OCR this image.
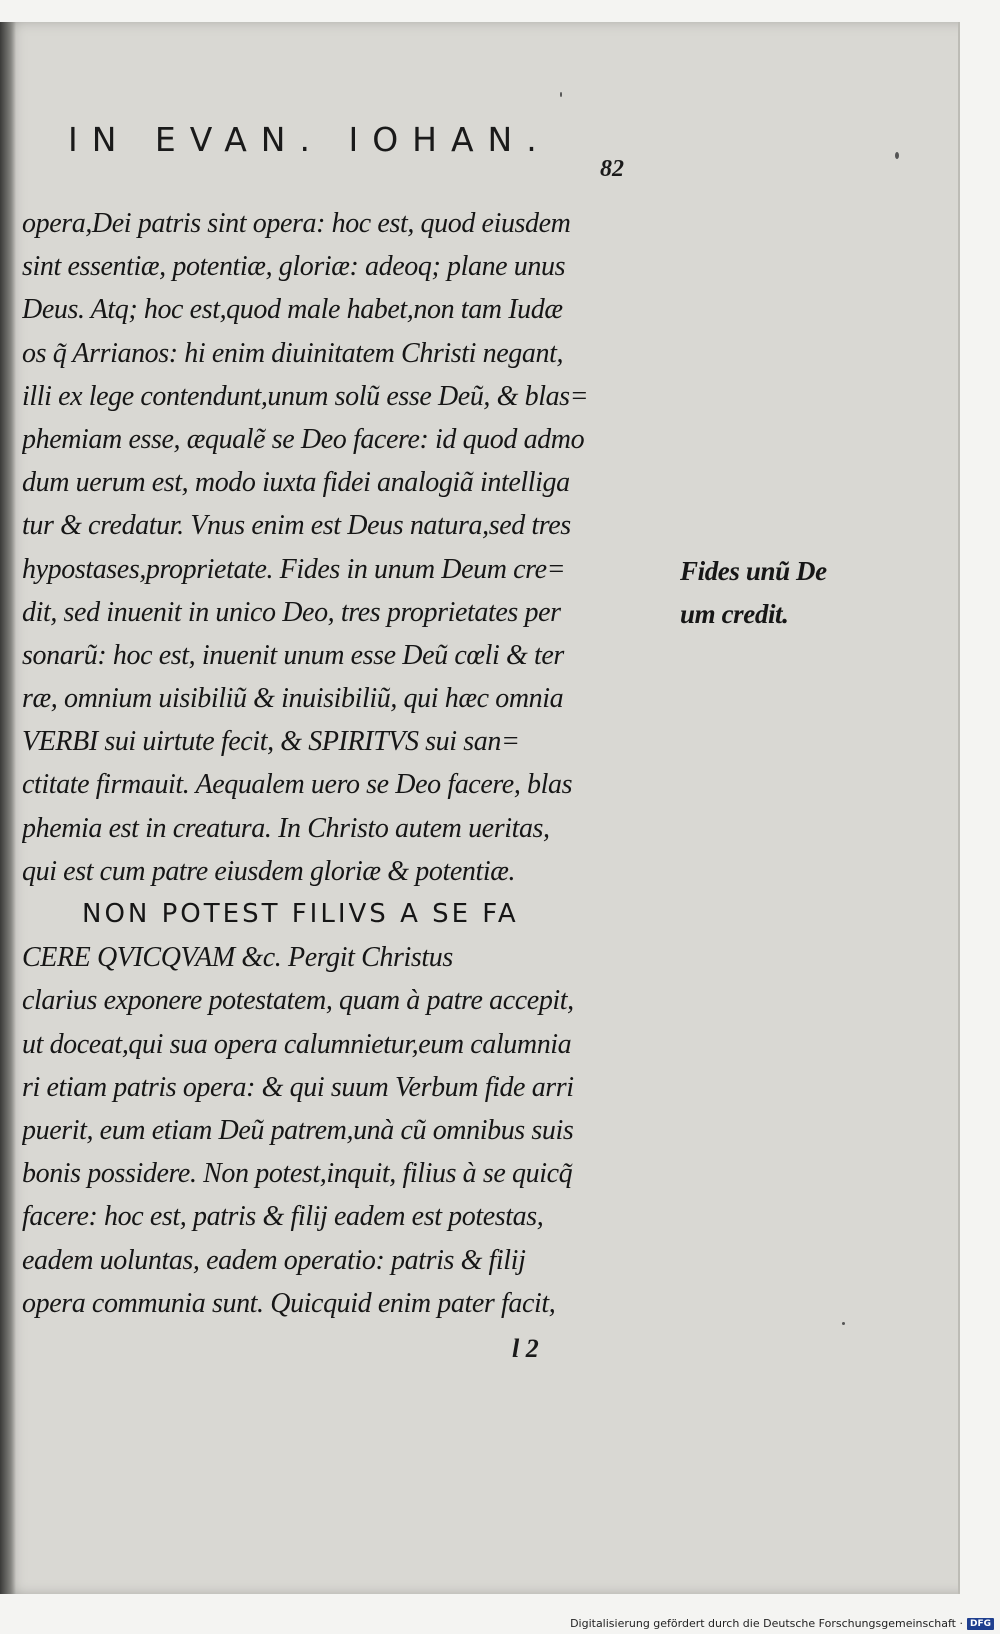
IN EVAN. IOHAN.
82
opera,Dei patris sint opera: hoc est, quod eiusdem
sint essentiæ, potentiæ, gloriæ: adeoq; plane unus
Deus. Atq; hoc est,quod male habet,non tam Iudæ
os q̃ Arrianos: hi enim diuinitatem Christi negant,
illi ex lege contendunt,unum solũ esse Deũ, & blas=
phemiam esse, æqualẽ se Deo facere: id quod admo
dum uerum est, modo iuxta fidei analogiã intelliga
tur & credatur. Vnus enim est Deus natura,sed tres
hypostases,proprietate. Fides in unum Deum cre=
dit, sed inuenit in unico Deo, tres proprietates per
sonarũ: hoc est, inuenit unum esse Deũ cœli & ter
ræ, omnium uisibiliũ & inuisibiliũ, qui hæc omnia
VERBI sui uirtute fecit, & SPIRITVS sui san=
ctitate firmauit. Aequalem uero se Deo facere, blas
phemia est in creatura. In Christo autem ueritas,
qui est cum patre eiusdem gloriæ & potentiæ.
NON POTEST FILIVS A SE FA
CERE QVICQVAM &c. Pergit Christus
clarius exponere potestatem, quam à patre accepit,
ut doceat,qui sua opera calumnietur,eum calumnia
ri etiam patris opera: & qui suum Verbum fide arri
puerit, eum etiam Deũ patrem,unà cũ omnibus suis
bonis possidere. Non potest,inquit, filius à se quicq̃
facere: hoc est, patris & filij eadem est potestas,
eadem uoluntas, eadem operatio: patris & filij
opera communia sunt. Quicquid enim pater facit,
Fides unũ De
um credit.
l 2
Digitalisierung gefördert durch die Deutsche Forschungsgemeinschaft · DFG
